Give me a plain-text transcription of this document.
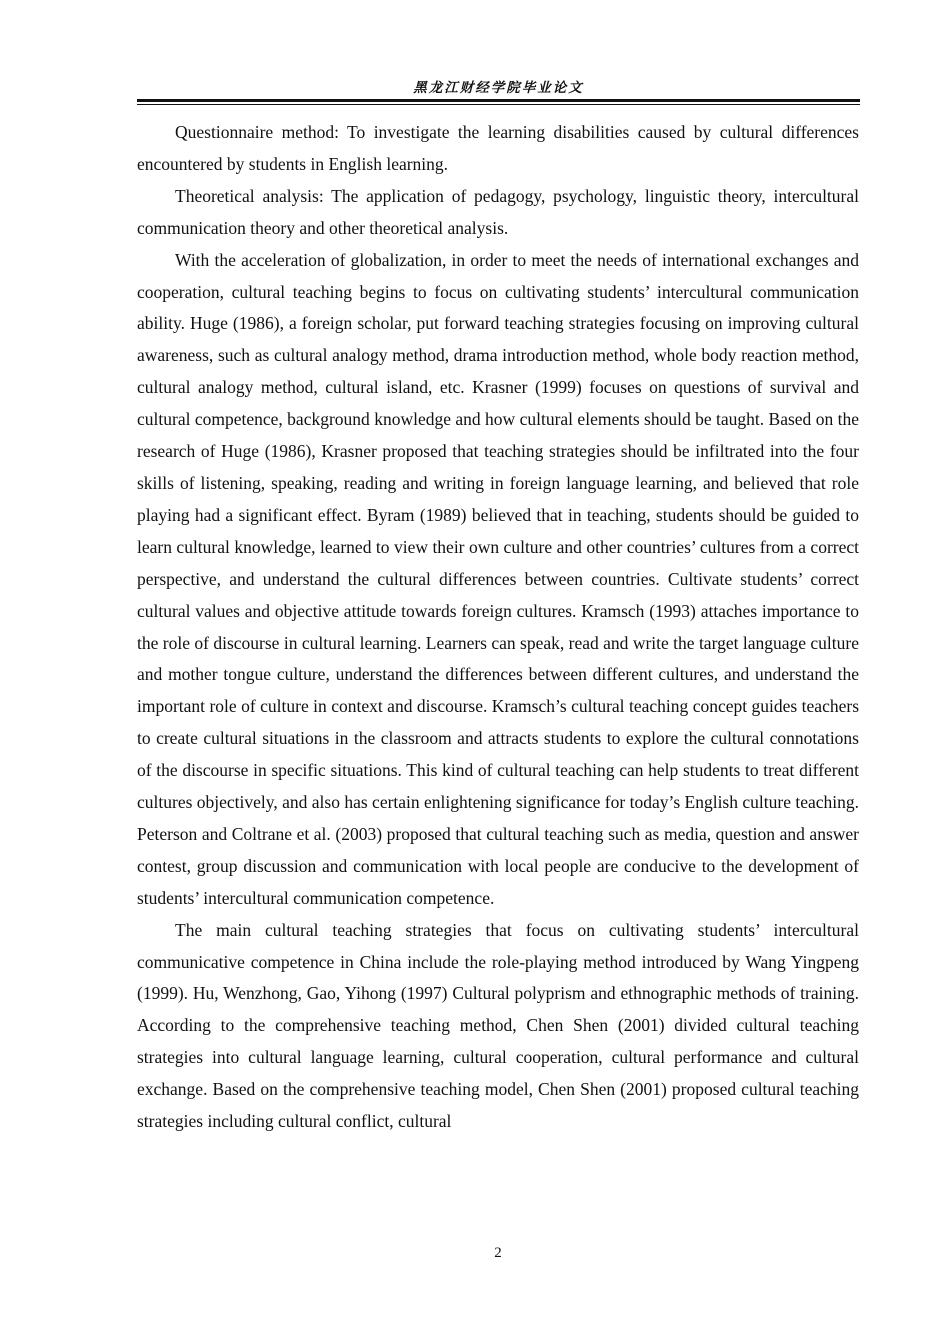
黑龙江财经学院毕业论文

Questionnaire method: To investigate the learning disabilities caused by cultural differences encountered by students in English learning.

Theoretical analysis: The application of pedagogy, psychology, linguistic theory, intercultural communication theory and other theoretical analysis.

With the acceleration of globalization, in order to meet the needs of international exchanges and cooperation, cultural teaching begins to focus on cultivating students’ intercultural communication ability. Huge (1986), a foreign scholar, put forward teaching strategies focusing on improving cultural awareness, such as cultural analogy method, drama introduction method, whole body reaction method, cultural analogy method, cultural island, etc. Krasner (1999) focuses on questions of survival and cultural competence, background knowledge and how cultural elements should be taught. Based on the research of Huge (1986), Krasner proposed that teaching strategies should be infiltrated into the four skills of listening, speaking, reading and writing in foreign language learning, and believed that role playing had a significant effect. Byram (1989) believed that in teaching, students should be guided to learn cultural knowledge, learned to view their own culture and other countries’ cultures from a correct perspective, and understand the cultural differences between countries. Cultivate students’ correct cultural values and objective attitude towards foreign cultures. Kramsch (1993) attaches importance to the role of discourse in cultural learning. Learners can speak, read and write the target language culture and mother tongue culture, understand the differences between different cultures, and understand the important role of culture in context and discourse. Kramsch’s cultural teaching concept guides teachers to create cultural situations in the classroom and attracts students to explore the cultural connotations of the discourse in specific situations. This kind of cultural teaching can help students to treat different cultures objectively, and also has certain enlightening significance for today’s English culture teaching. Peterson and Coltrane et al. (2003) proposed that cultural teaching such as media, question and answer contest, group discussion and communication with local people are conducive to the development of students’ intercultural communication competence.

The main cultural teaching strategies that focus on cultivating students’ intercultural communicative competence in China include the role-playing method introduced by Wang Yingpeng (1999). Hu, Wenzhong, Gao, Yihong (1997) Cultural polyprism and ethnographic methods of training. According to the comprehensive teaching method, Chen Shen (2001) divided cultural teaching strategies into cultural language learning, cultural cooperation, cultural performance and cultural exchange. Based on the comprehensive teaching model, Chen Shen (2001) proposed cultural teaching strategies including cultural conflict, cultural

2
